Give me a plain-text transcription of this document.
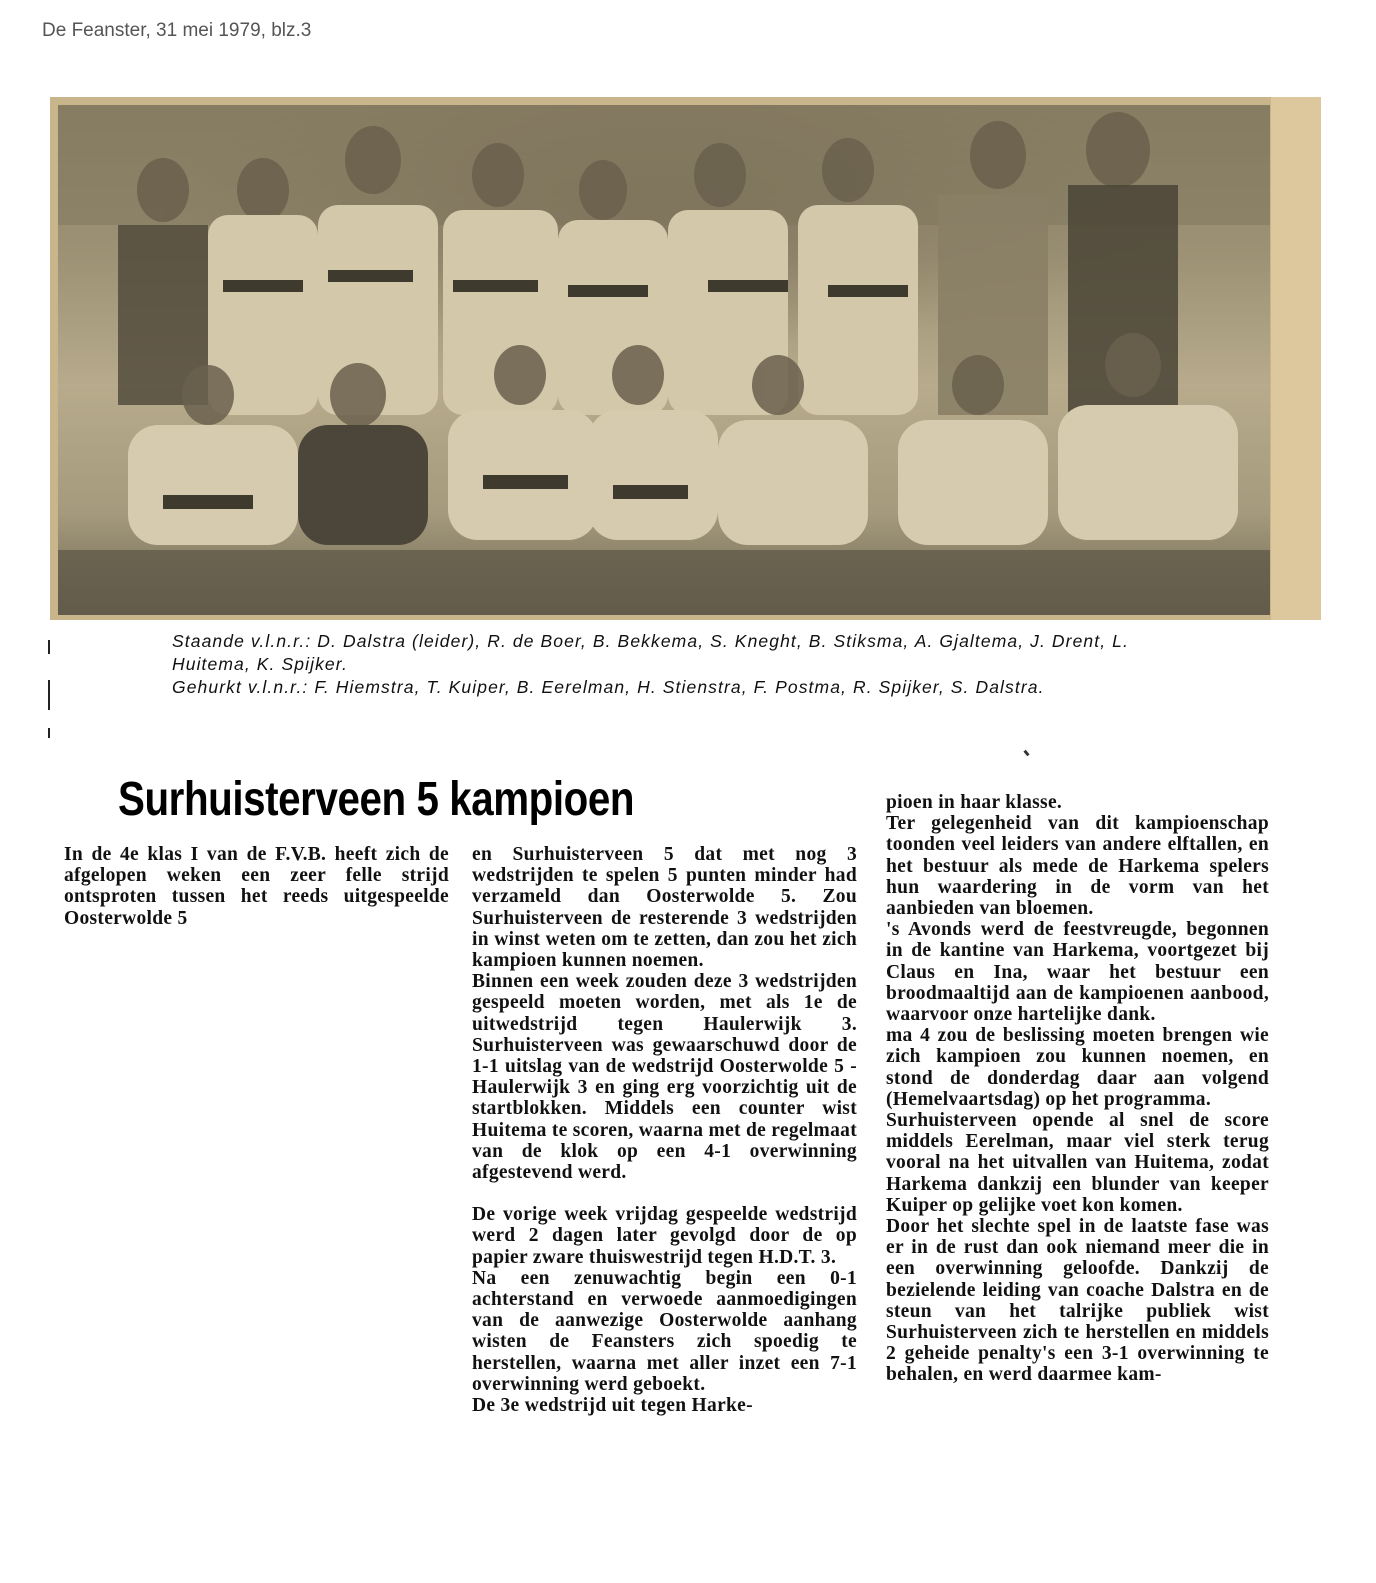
De Feanster, 31 mei 1979, blz.3

Staande v.l.n.r.: D. Dalstra (leider), R. de Boer, B. Bekkema, S. Kneght, B. Stiksma, A. Gjaltema, J. Drent, L. Huitema, K. Spijker.

Gehurkt v.l.n.r.: F. Hiemstra, T. Kuiper, B. Eerelman, H. Stienstra, F. Postma, R. Spijker, S. Dalstra.

Surhuisterveen 5 kampioen

In de 4e klas I van de F.V.B. heeft zich de afgelopen weken een zeer felle strijd ontsproten tussen het reeds uitgespeelde Oosterwolde 5

en Surhuisterveen 5 dat met nog 3 wedstrijden te spelen 5 punten minder had verzameld dan Oosterwolde 5. Zou Surhuisterveen de resterende 3 wedstrijden in winst weten om te zetten, dan zou het zich kampioen kunnen noemen.

Binnen een week zouden deze 3 wedstrijden gespeeld moeten worden, met als 1e de uitwedstrijd tegen Haulerwijk 3. Surhuisterveen was gewaarschuwd door de 1-1 uitslag van de wedstrijd Oosterwolde 5 - Haulerwijk 3 en ging erg voorzichtig uit de startblokken. Middels een counter wist Huitema te scoren, waarna met de regelmaat van de klok op een 4-1 overwinning afgestevend werd.

De vorige week vrijdag gespeelde wedstrijd werd 2 dagen later gevolgd door de op papier zware thuiswestrijd tegen H.D.T. 3.

Na een zenuwachtig begin een 0-1 achterstand en verwoede aanmoedigingen van de aanwezige Oosterwolde aanhang wisten de Feansters zich spoedig te herstellen, waarna met aller inzet een 7-1 overwinning werd geboekt.

De 3e wedstrijd uit tegen Harke-

pioen in haar klasse.

Ter gelegenheid van dit kampioenschap toonden veel leiders van andere elftallen, en het bestuur als mede de Harkema spelers hun waardering in de vorm van het aanbieden van bloemen.

's Avonds werd de feestvreugde, begonnen in de kantine van Harkema, voortgezet bij Claus en Ina, waar het bestuur een broodmaaltijd aan de kampioenen aanbood, waarvoor onze hartelijke dank.

ma 4 zou de beslissing moeten brengen wie zich kampioen zou kunnen noemen, en stond de donderdag daar aan volgend (Hemelvaartsdag) op het programma.

Surhuisterveen opende al snel de score middels Eerelman, maar viel sterk terug vooral na het uitvallen van Huitema, zodat Harkema dankzij een blunder van keeper Kuiper op gelijke voet kon komen.

Door het slechte spel in de laatste fase was er in de rust dan ook niemand meer die in een overwinning geloofde. Dankzij de bezielende leiding van coache Dalstra en de steun van het talrijke publiek wist Surhuisterveen zich te herstellen en middels 2 geheide penalty's een 3-1 overwinning te behalen, en werd daarmee kam-
